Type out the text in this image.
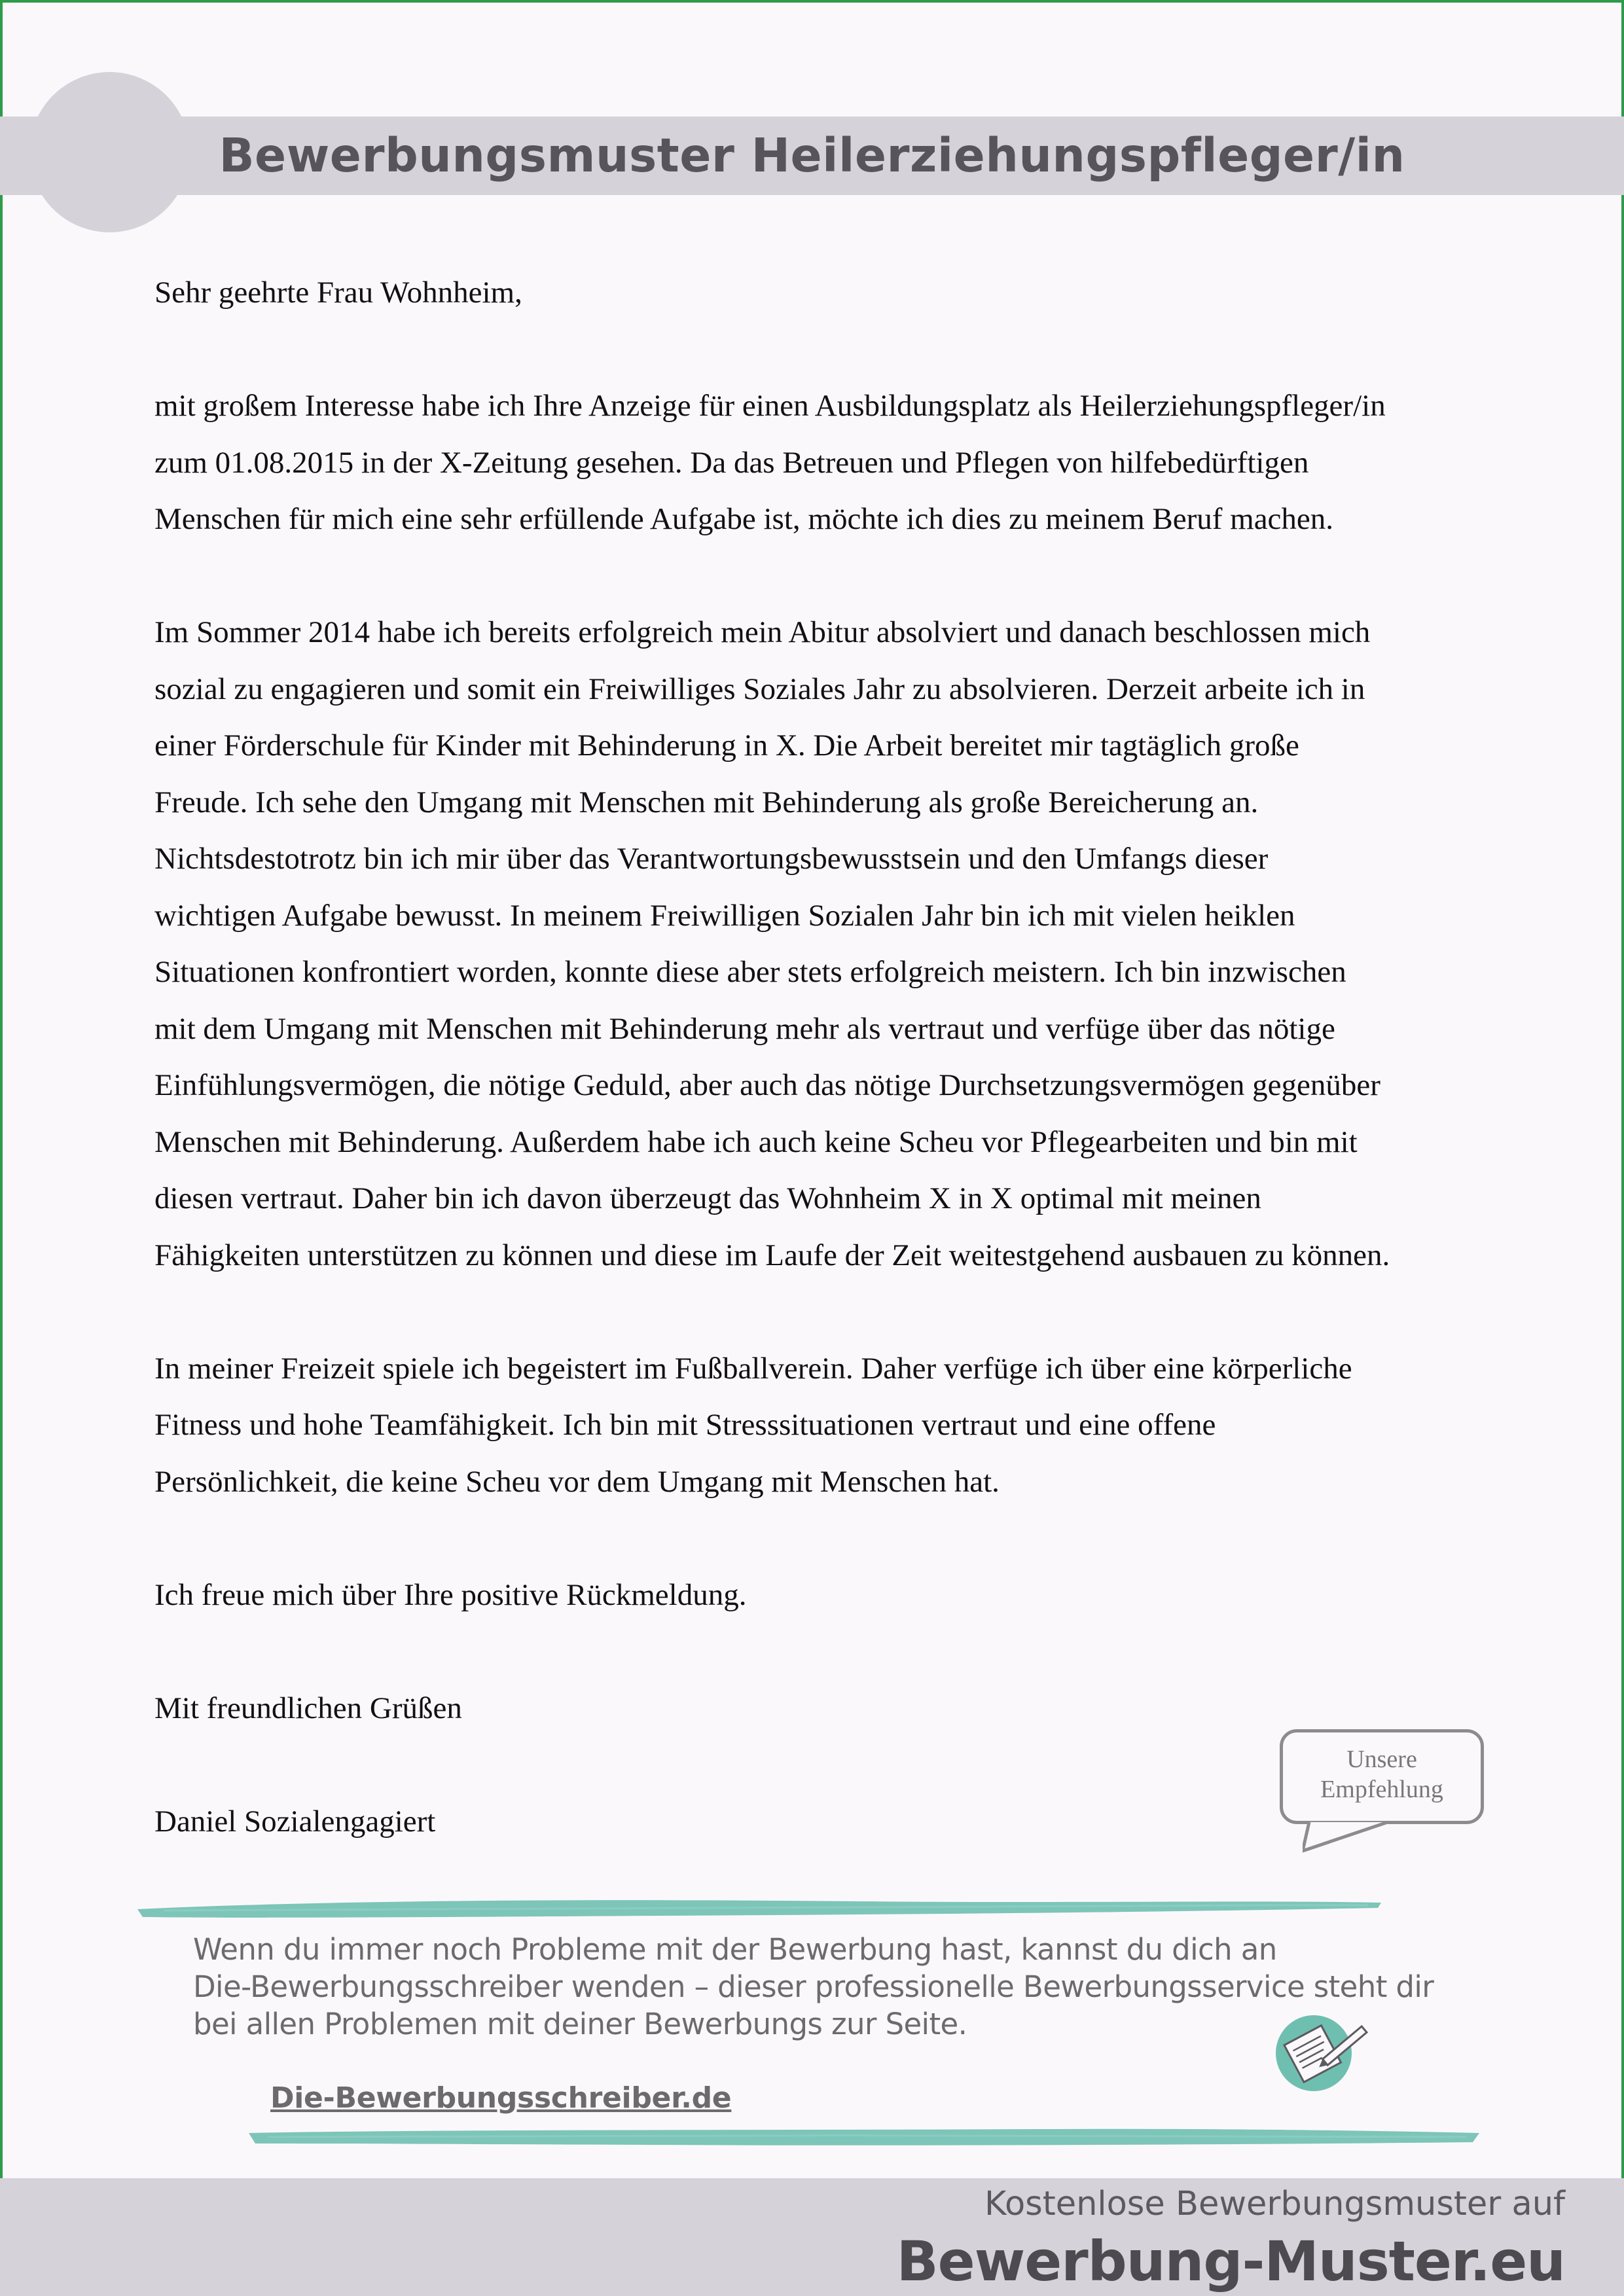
Bewerbungsmuster Heilerziehungspfleger/in

Sehr geehrte Frau Wohnheim,

mit großem Interesse habe ich Ihre Anzeige für einen Ausbildungsplatz als Heilerziehungspfleger/in

zum 01.08.2015 in der X-Zeitung gesehen. Da das Betreuen und Pflegen von hilfebedürftigen

Menschen für mich eine sehr erfüllende Aufgabe ist, möchte ich dies zu meinem Beruf machen.

Im Sommer 2014 habe ich bereits erfolgreich mein Abitur absolviert und danach beschlossen mich

sozial zu engagieren und somit ein Freiwilliges Soziales Jahr zu absolvieren. Derzeit arbeite ich in

einer Förderschule für Kinder mit Behinderung in X. Die Arbeit bereitet mir tagtäglich große

Freude. Ich sehe den Umgang mit Menschen mit Behinderung als große Bereicherung an.

Nichtsdestotrotz bin ich mir über das Verantwortungsbewusstsein und den Umfangs dieser

wichtigen Aufgabe bewusst. In meinem Freiwilligen Sozialen Jahr bin ich mit vielen heiklen

Situationen konfrontiert worden, konnte diese aber stets erfolgreich meistern. Ich bin inzwischen

mit dem Umgang mit Menschen mit Behinderung mehr als vertraut und verfüge über das nötige

Einfühlungsvermögen, die nötige Geduld, aber auch das nötige Durchsetzungsvermögen gegenüber

Menschen mit Behinderung. Außerdem habe ich auch keine Scheu vor Pflegearbeiten und bin mit

diesen vertraut. Daher bin ich davon überzeugt das Wohnheim X in X optimal mit meinen

Fähigkeiten unterstützen zu können und diese im Laufe der Zeit weitestgehend ausbauen zu können.

In meiner Freizeit spiele ich begeistert im Fußballverein. Daher verfüge ich über eine körperliche

Fitness und hohe Teamfähigkeit. Ich bin mit Stresssituationen vertraut und eine offene

Persönlichkeit, die keine Scheu vor dem Umgang mit Menschen hat.

Ich freue mich über Ihre positive Rückmeldung.

Mit freundlichen Grüßen

Daniel Sozialengagiert

Unsere
Empfehlung

Wenn du immer noch Probleme mit der Bewerbung hast, kannst du dich an

Die-Bewerbungsschreiber wenden – dieser professionelle Bewerbungsservice steht dir

bei allen Problemen mit deiner Bewerbungs zur Seite.

Die-Bewerbungsschreiber.de
Kostenlose Bewerbungsmuster auf
Bewerbung-Muster.eu
